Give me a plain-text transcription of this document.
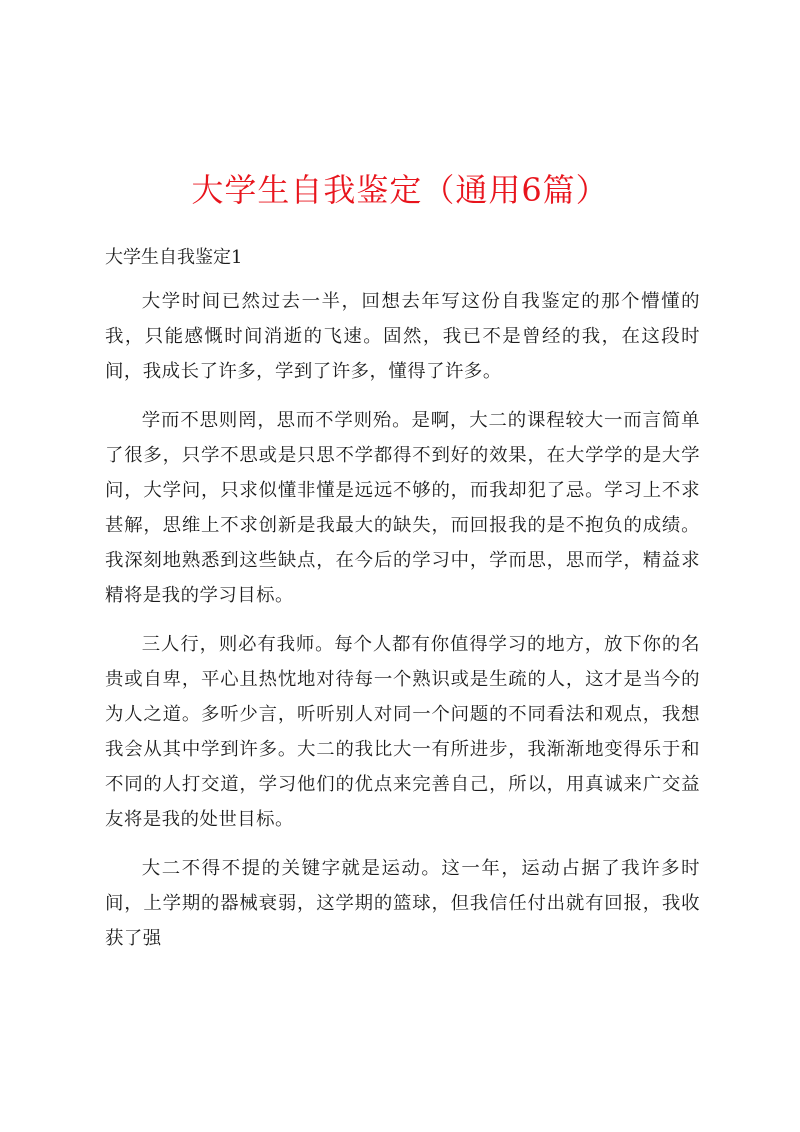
大学生自我鉴定（通用6篇）
大学生自我鉴定1

大学时间已然过去一半，回想去年写这份自我鉴定的那个懵懂的我，只能感慨时间消逝的飞速。固然，我已不是曾经的我，在这段时间，我成长了许多，学到了许多，懂得了许多。

学而不思则罔，思而不学则殆。是啊，大二的课程较大一而言简单了很多，只学不思或是只思不学都得不到好的效果，在大学学的是大学问，大学问，只求似懂非懂是远远不够的，而我却犯了忌。学习上不求甚解，思维上不求创新是我最大的缺失，而回报我的是不抱负的成绩。我深刻地熟悉到这些缺点，在今后的学习中，学而思，思而学，精益求精将是我的学习目标。

三人行，则必有我师。每个人都有你值得学习的地方，放下你的名贵或自卑，平心且热忱地对待每一个熟识或是生疏的人，这才是当今的为人之道。多听少言，听听别人对同一个问题的不同看法和观点，我想我会从其中学到许多。大二的我比大一有所进步，我渐渐地变得乐于和不同的人打交道，学习他们的优点来完善自己，所以，用真诚来广交益友将是我的处世目标。

大二不得不提的关键字就是运动。这一年，运动占据了我许多时间，上学期的器械衰弱，这学期的篮球，但我信任付出就有回报，我收获了强
